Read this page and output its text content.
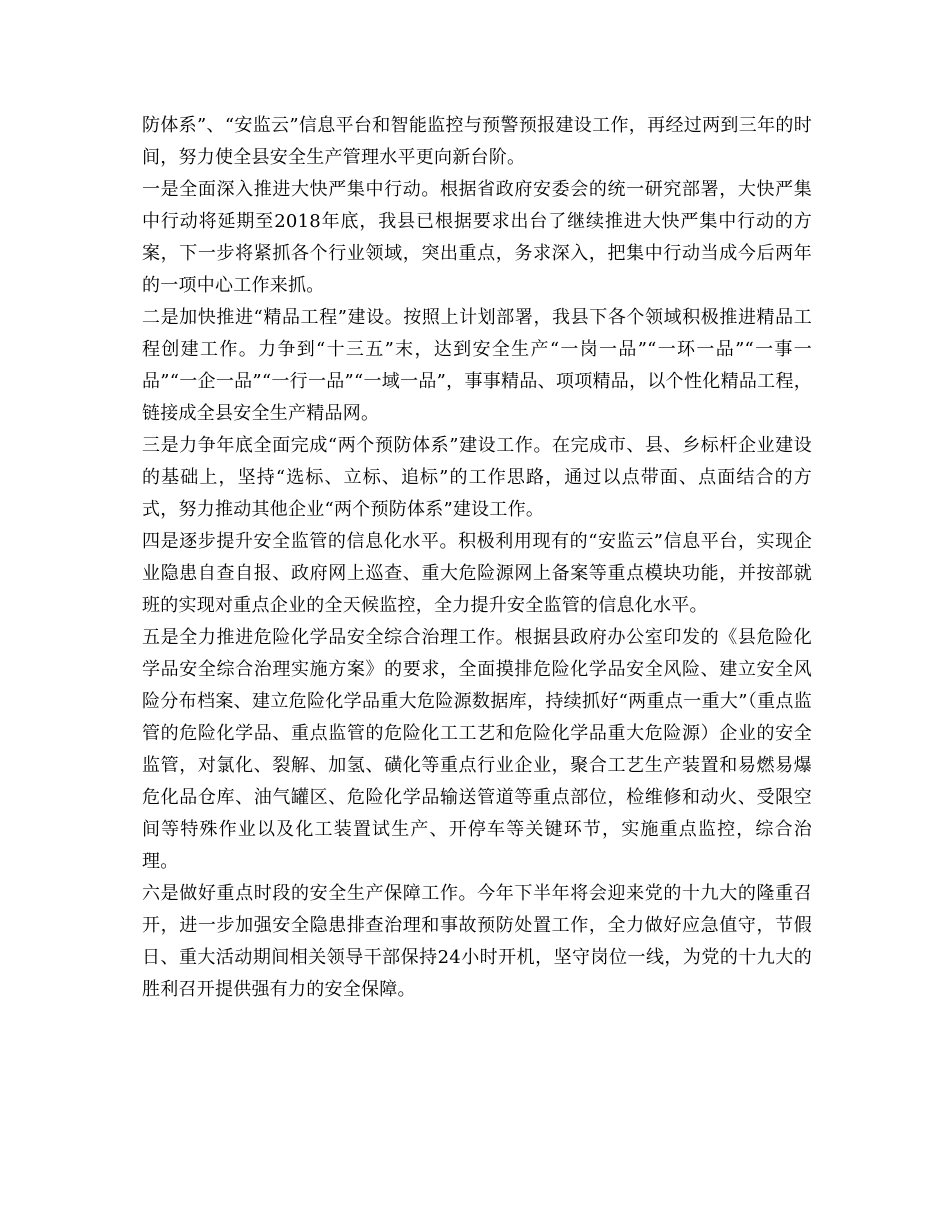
防体系”、“安监云”信息平台和智能监控与预警预报建设工作，再经过两到三年的时间，努力使全县安全生产管理水平更向新台阶。

一是全面深入推进大快严集中行动。根据省政府安委会的统一研究部署，大快严集中行动将延期至2018年底，我县已根据要求出台了继续推进大快严集中行动的方案，下一步将紧抓各个行业领域，突出重点，务求深入，把集中行动当成今后两年的一项中心工作来抓。

二是加快推进“精品工程”建设。按照上计划部署，我县下各个领域积极推进精品工程创建工作。力争到“十三五”末，达到安全生产“一岗一品”“一环一品”“一事一品”“一企一品”“一行一品”“一域一品”，事事精品、项项精品，以个性化精品工程，链接成全县安全生产精品网。

三是力争年底全面完成“两个预防体系”建设工作。在完成市、县、乡标杆企业建设的基础上，坚持“选标、立标、追标”的工作思路，通过以点带面、点面结合的方式，努力推动其他企业“两个预防体系”建设工作。

四是逐步提升安全监管的信息化水平。积极利用现有的“安监云”信息平台，实现企业隐患自查自报、政府网上巡查、重大危险源网上备案等重点模块功能，并按部就班的实现对重点企业的全天候监控，全力提升安全监管的信息化水平。

五是全力推进危险化学品安全综合治理工作。根据县政府办公室印发的《县危险化学品安全综合治理实施方案》的要求，全面摸排危险化学品安全风险、建立安全风险分布档案、建立危险化学品重大危险源数据库，持续抓好“两重点一重大”（重点监管的危险化学品、重点监管的危险化工工艺和危险化学品重大危险源）企业的安全监管，对氯化、裂解、加氢、磺化等重点行业企业，聚合工艺生产装置和易燃易爆危化品仓库、油气罐区、危险化学品输送管道等重点部位，检维修和动火、受限空间等特殊作业以及化工装置试生产、开停车等关键环节，实施重点监控，综合治理。

六是做好重点时段的安全生产保障工作。今年下半年将会迎来党的十九大的隆重召开，进一步加强安全隐患排查治理和事故预防处置工作，全力做好应急值守，节假日、重大活动期间相关领导干部保持24小时开机，坚守岗位一线，为党的十九大的胜利召开提供强有力的安全保障。
